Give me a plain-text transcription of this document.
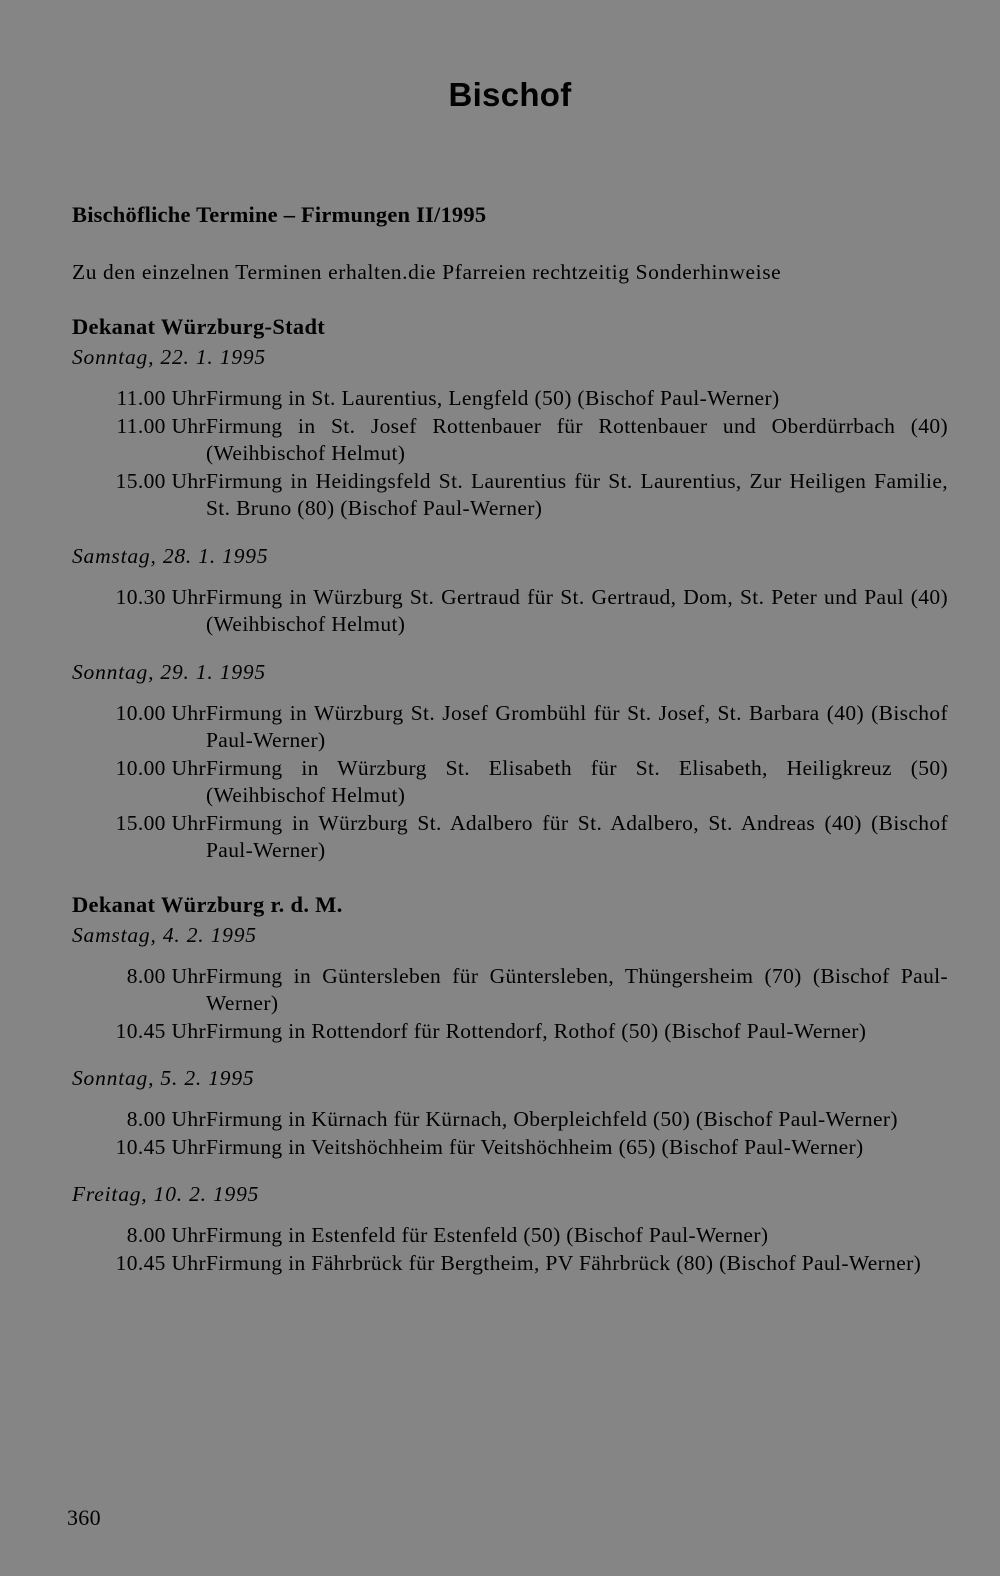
Bischof
Bischöfliche Termine – Firmungen II/1995
Zu den einzelnen Terminen erhalten.die Pfarreien rechtzeitig Sonderhinweise
Dekanat Würzburg-Stadt
Sonntag, 22. 1. 1995
11.00 Uhr Firmung in St. Laurentius, Lengfeld (50) (Bischof Paul-Werner)
11.00 Uhr Firmung in St. Josef Rottenbauer für Rottenbauer und Oberdürrbach (40) (Weihbischof Helmut)
15.00 Uhr Firmung in Heidingsfeld St. Laurentius für St. Laurentius, Zur Heiligen Familie, St. Bruno (80) (Bischof Paul-Werner)
Samstag, 28. 1. 1995
10.30 Uhr Firmung in Würzburg St. Gertraud für St. Gertraud, Dom, St. Peter und Paul (40) (Weihbischof Helmut)
Sonntag, 29. 1. 1995
10.00 Uhr Firmung in Würzburg St. Josef Grombühl für St. Josef, St. Barbara (40) (Bischof Paul-Werner)
10.00 Uhr Firmung in Würzburg St. Elisabeth für St. Elisabeth, Heiligkreuz (50) (Weihbischof Helmut)
15.00 Uhr Firmung in Würzburg St. Adalbero für St. Adalbero, St. Andreas (40) (Bischof Paul-Werner)
Dekanat Würzburg r. d. M.
Samstag, 4. 2. 1995
8.00 Uhr Firmung in Güntersleben für Güntersleben, Thüngersheim (70) (Bischof Paul-Werner)
10.45 Uhr Firmung in Rottendorf für Rottendorf, Rothof (50) (Bischof Paul-Werner)
Sonntag, 5. 2. 1995
8.00 Uhr Firmung in Kürnach für Kürnach, Oberpleichfeld (50) (Bischof Paul-Werner)
10.45 Uhr Firmung in Veitshöchheim für Veitshöchheim (65) (Bischof Paul-Werner)
Freitag, 10. 2. 1995
8.00 Uhr Firmung in Estenfeld für Estenfeld (50) (Bischof Paul-Werner)
10.45 Uhr Firmung in Fährbrück für Bergtheim, PV Fährbrück (80) (Bischof Paul-Werner)
360
